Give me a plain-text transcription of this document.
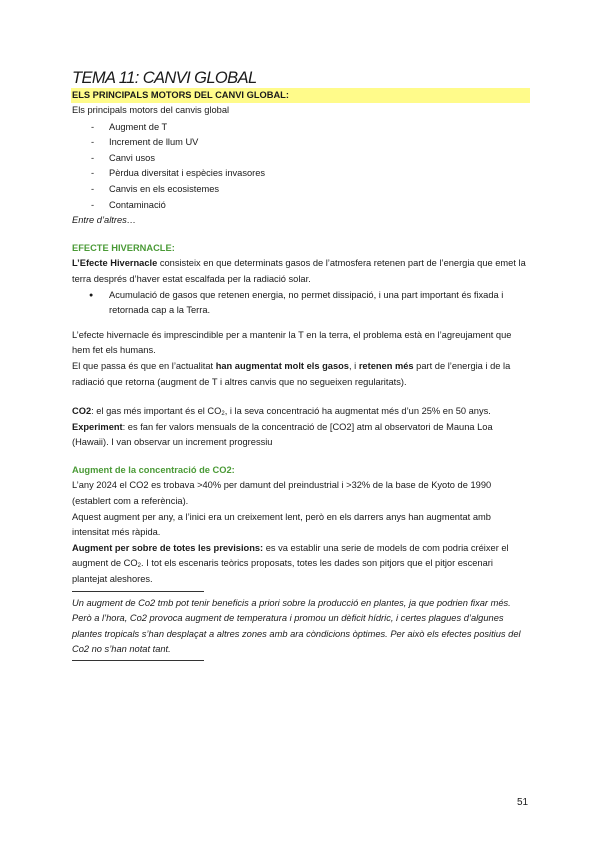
TEMA 11: CANVI GLOBAL
ELS PRINCIPALS MOTORS DEL CANVI GLOBAL:

Els principals motors del canvis global

- Augment de T
- Increment de llum UV
- Canvi usos
- Pèrdua diversitat i espècies invasores
- Canvis en els ecosistemes
- Contaminació

Entre d’altres…

EFECTE HIVERNACLE:

L’Efecte Hivernacle consisteix en que determinats gasos de l’atmosfera retenen part de l’energia que emet la terra després d’haver estat escalfada per la radiació solar.

● Acumulació de gasos que retenen energia, no permet dissipació, i una part important és fixada i retornada cap a la Terra.

L’efecte hivernacle és imprescindible per a mantenir la T en la terra, el problema està en l’agreujament que hem fet els humans.

El que passa és que en l’actualitat han augmentat molt els gasos, i retenen més part de l’energia i de la radiació que retorna (augment de T i altres canvis que no segueixen regularitats).

CO2: el gas més important és el $CO_2$, i la seva concentració ha augmentat més d’un 25% en 50 anys.

Experiment: es fan fer valors mensuals de la concentració de [CO2] atm al observatori de Mauna Loa (Hawaii). I van observar un increment progressiu

Augment de la concentració de CO2:

L’any 2024 el CO2 es trobava >40% per damunt del preindustrial i >32% de la base de Kyoto de 1990 (establert com a referència).

Aquest augment per any, a l’inici era un creixement lent, però en els darrers anys han augmentat amb intensitat més ràpida.

Augment per sobre de totes les previsions: es va establir una serie de models de com podria créixer el augment de $CO_2$. I tot els escenaris teòrics proposats, totes les dades son pitjors que el pitjor escenari plantejat aleshores.

Un augment de Co2 tmb pot tenir beneficis a priori sobre la producció en plantes, ja que podrien fixar més. Però a l’hora, Co2 provoca augment de temperatura i promou un dèficit hídric, i certes plagues d’algunes plantes tropicals s’han desplaçat a altres zones amb ara còndicions òptimes. Per això els efectes positius del Co2 no s’han notat tant.

51
